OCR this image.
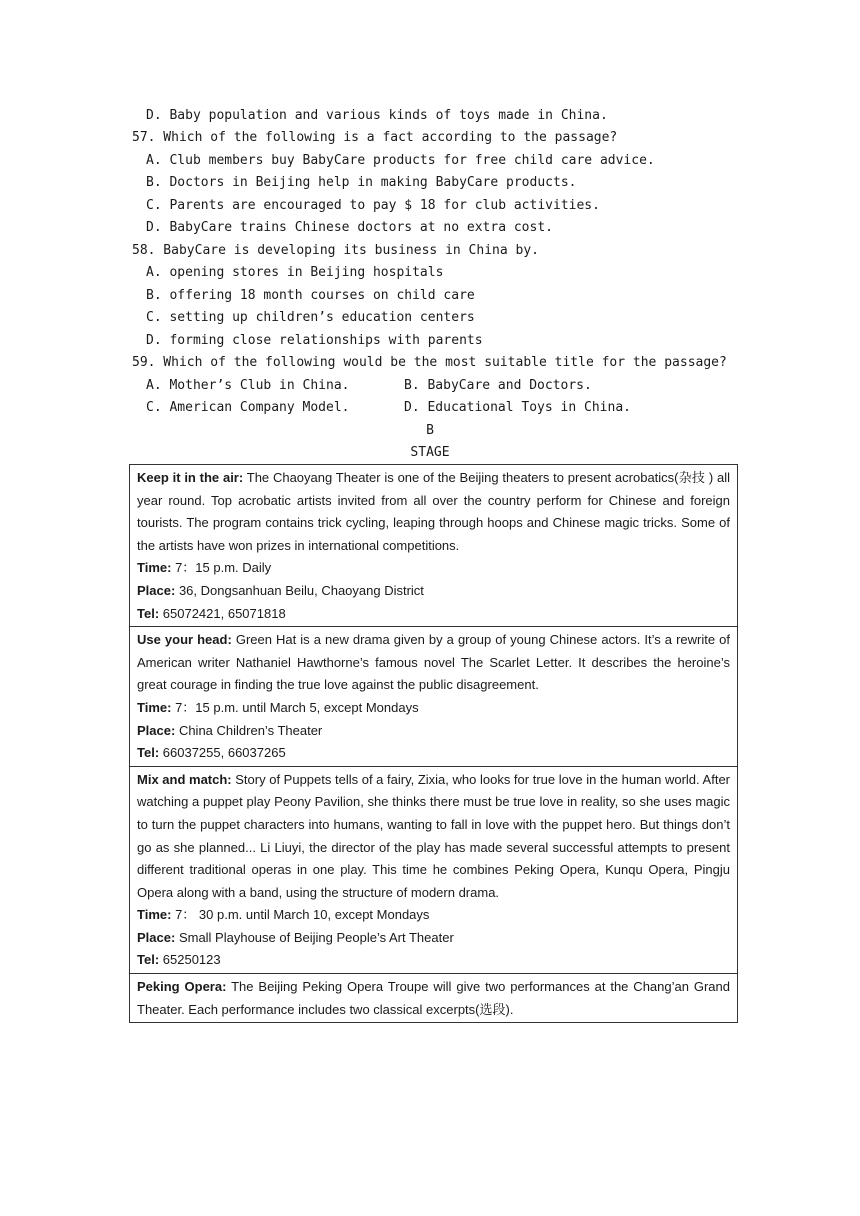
D. Baby population and various kinds of toys made in China.
57. Which of the following is a fact according to the passage?
A. Club members buy BabyCare products for free child care advice.
B. Doctors in Beijing help in making BabyCare products.
C. Parents are encouraged to pay $ 18 for club activities.
D. BabyCare trains Chinese doctors at no extra cost.
58. BabyCare is developing its business in China by.
A. opening stores in Beijing hospitals
B. offering 18 month courses on child care
C. setting up children’s education centers
D. forming close relationships with parents
59. Which of the following would be the most suitable title for the passage?
A. Mother’s Club in China.	B. BabyCare and Doctors.
C. American Company Model.	D. Educational Toys in China.
B
STAGE
Keep it in the air: The Chaoyang Theater is one of the Beijing theaters to present acrobatics(杂技 ) all year round. Top acrobatic artists invited from all over the country perform for Chinese and foreign tourists. The program contains trick cycling, leaping through hoops and Chinese magic tricks. Some of the artists have won prizes in international competitions.
Time: 7：15 p.m. Daily
Place: 36, Dongsanhuan Beilu, Chaoyang District
Tel: 65072421, 65071818

Use your head: Green Hat is a new drama given by a group of young Chinese actors. It’s a rewrite of American writer Nathaniel Hawthorne’s famous novel The Scarlet Letter. It describes the heroine’s great courage in finding the true love against the public disagreement.
Time: 7：15 p.m. until March 5, except Mondays
Place: China Children’s Theater
Tel: 66037255, 66037265

Mix and match: Story of Puppets tells of a fairy, Zixia, who looks for true love in the human world. After watching a puppet play Peony Pavilion, she thinks there must be true love in reality, so she uses magic to turn the puppet characters into humans, wanting to fall in love with the puppet hero. But things don’t go as she planned... Li Liuyi, the director of the play has made several successful attempts to present different traditional operas in one play. This time he combines Peking Opera, Kunqu Opera, Pingju Opera along with a band, using the structure of modern drama.
Time: 7： 30 p.m. until March 10, except Mondays
Place: Small Playhouse of Beijing People’s Art Theater
Tel: 65250123

Peking Opera: The Beijing Peking Opera Troupe will give two performances at the Chang’an Grand Theater. Each performance includes two classical excerpts(选段).
